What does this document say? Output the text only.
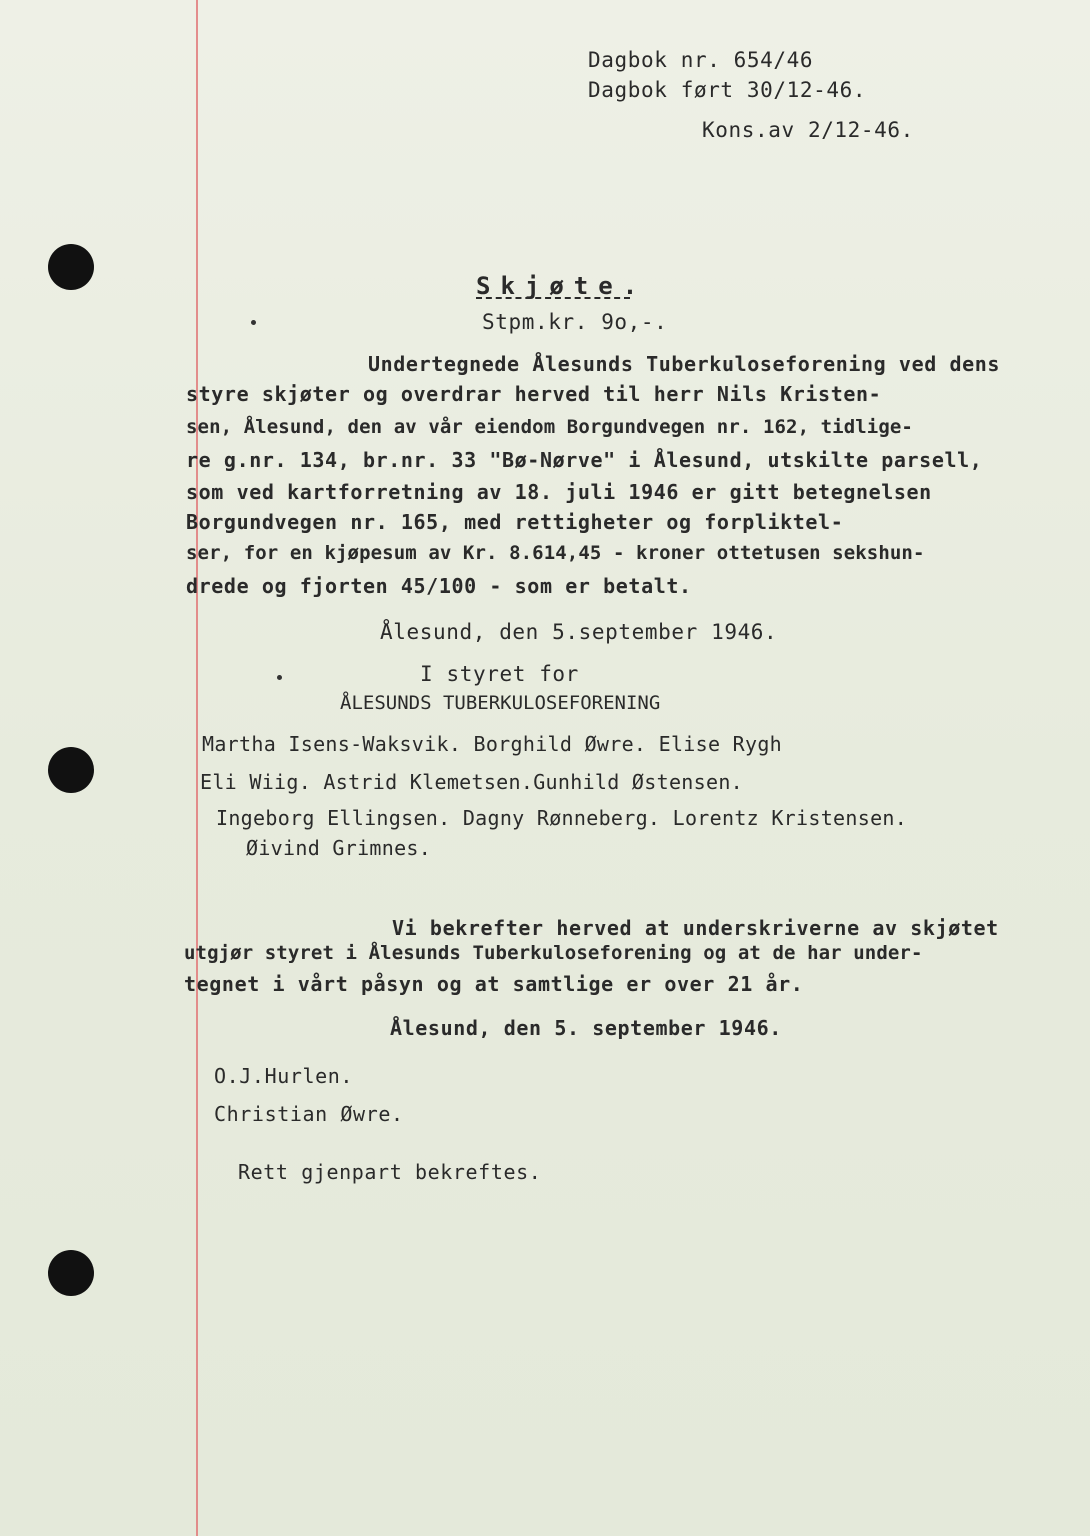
Dagbok nr. 654/46
Dagbok ført 30/12-46.
Kons.av 2/12-46.
Skjøte.
Stpm.kr. 9o,-.
Undertegnede Ålesunds Tuberkuloseforening ved dens
styre skjøter og overdrar herved til herr Nils Kristen-
sen, Ålesund, den av vår eiendom Borgundvegen nr. 162, tidlige-
re g.nr. 134, br.nr. 33 "Bø-Nørve" i Ålesund, utskilte parsell,
som ved kartforretning av 18. juli 1946 er gitt betegnelsen
Borgundvegen nr. 165, med rettigheter og forpliktel-
ser, for en kjøpesum av Kr. 8.614,45 - kroner ottetusen sekshun-
drede og fjorten 45/100 - som er betalt.
Ålesund, den 5.september 1946.
I styret for
ÅLESUNDS TUBERKULOSEFORENING
Martha Isens-Waksvik. Borghild Øwre. Elise Rygh
Eli Wiig. Astrid Klemetsen.Gunhild Østensen.
Ingeborg Ellingsen. Dagny Rønneberg. Lorentz Kristensen.
Øivind Grimnes.
Vi bekrefter herved at underskriverne av skjøtet
utgjør styret i Ålesunds Tuberkuloseforening og at de har under-
tegnet i vårt påsyn og at samtlige er over 21 år.
Ålesund, den 5. september 1946.
O.J.Hurlen.
Christian Øwre.
Rett gjenpart bekreftes.
